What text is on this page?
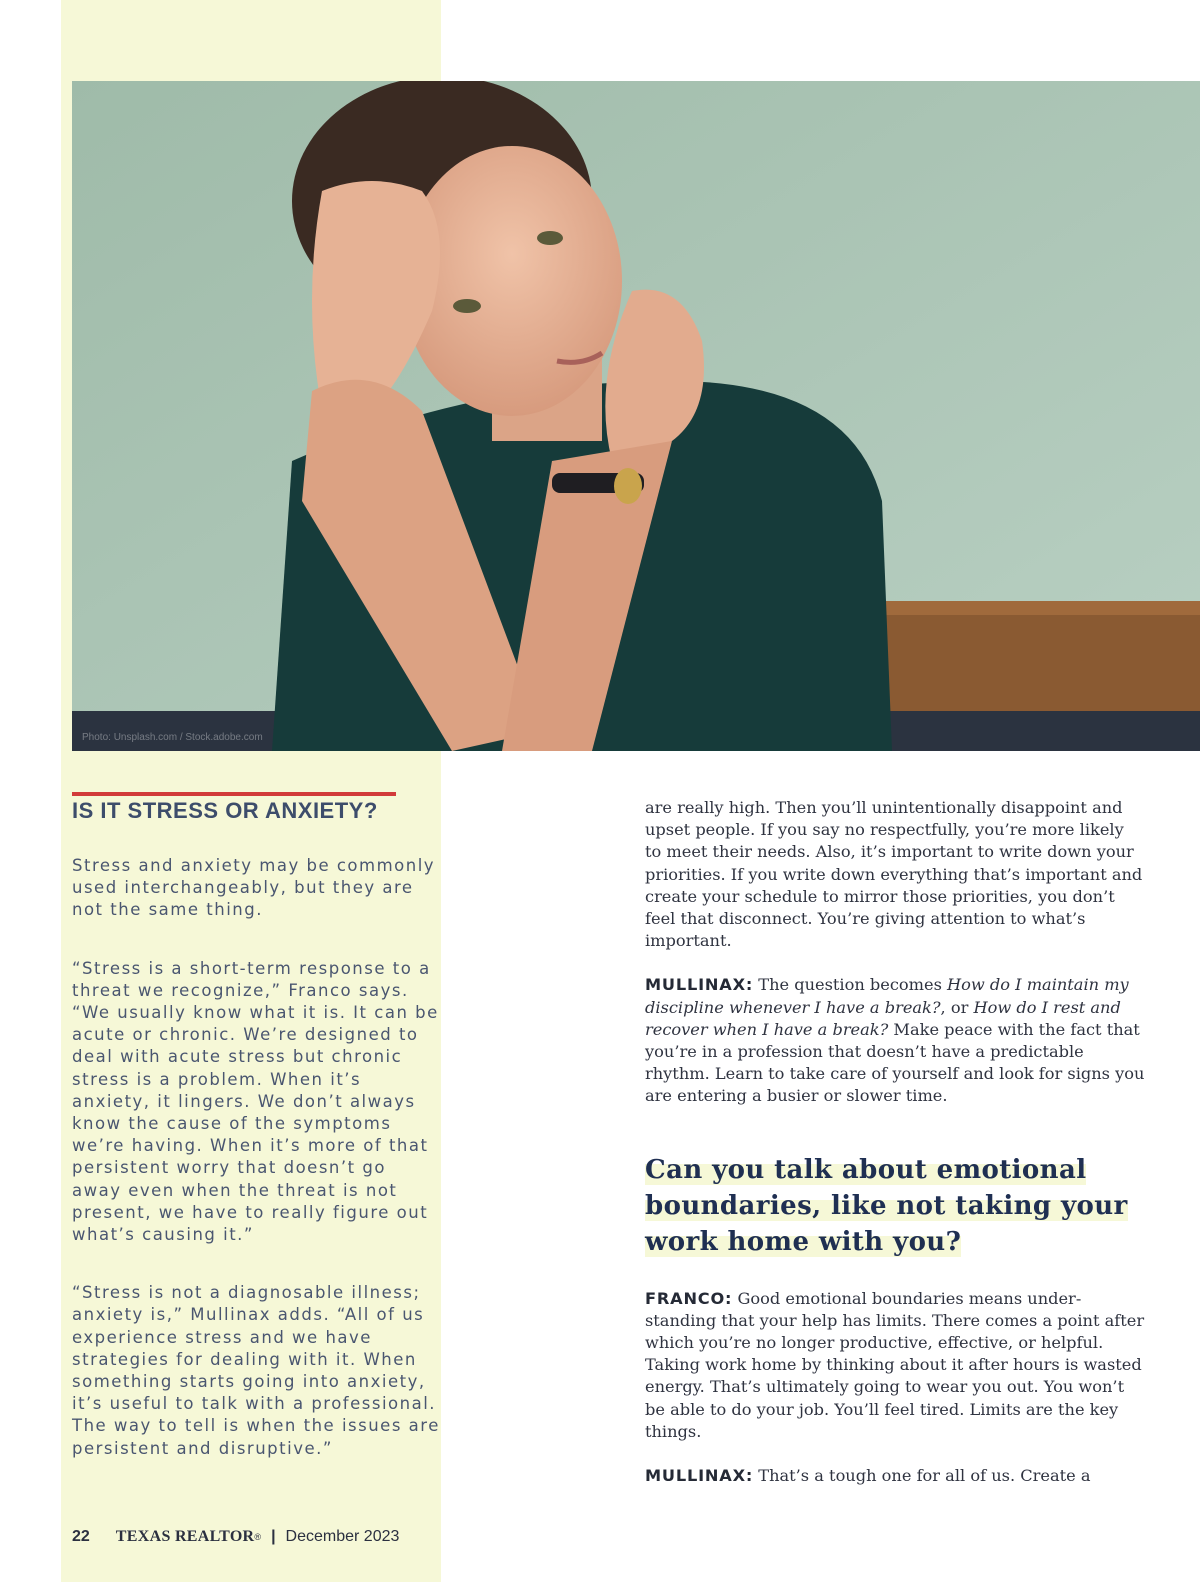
Photo: Unsplash.com / Stock.adobe.com
IS IT STRESS OR ANXIETY?

Stress and anxiety may be commonly used interchangeably, but they are not the same thing.

“Stress is a short-term response to a threat we recognize,” Franco says. “We usually know what it is. It can be acute or chronic. We’re designed to deal with acute stress but chronic stress is a problem. When it’s anxiety, it lingers. We don’t always know the cause of the symptoms we’re having. When it’s more of that persistent worry that doesn’t go away even when the threat is not present, we have to really figure out what’s causing it.”

“Stress is not a diagnosable illness; anxiety is,” Mullinax adds. “All of us experience stress and we have strategies for dealing with it. When something starts going into anxiety, it’s useful to talk with a professional. The way to tell is when the issues are persistent and disruptive.”

are really high. Then you’ll unintentionally disappoint and upset people. If you say no respectfully, you’re more likely to meet their needs. Also, it’s important to write down your priorities. If you write down everything that’s important and create your schedule to mirror those priorities, you don’t feel that disconnect. You’re giving attention to what’s important.

MULLINAX: The question becomes How do I maintain my discipline whenever I have a break?, or How do I rest and recover when I have a break? Make peace with the fact that you’re in a profession that doesn’t have a predictable rhythm. Learn to take care of yourself and look for signs you are entering a busier or slower time.

Can you talk about emotional boundaries, like not taking your work home with you?

FRANCO: Good emotional boundaries means understanding that your help has limits. There comes a point after which you’re no longer productive, effective, or helpful. Taking work home by thinking about it after hours is wasted energy. That’s ultimately going to wear you out. You won’t be able to do your job. You’ll feel tired. Limits are the key things.

MULLINAX: That’s a tough one for all of us. Create a

22 TEXAS REALTOR ® | December 2023
